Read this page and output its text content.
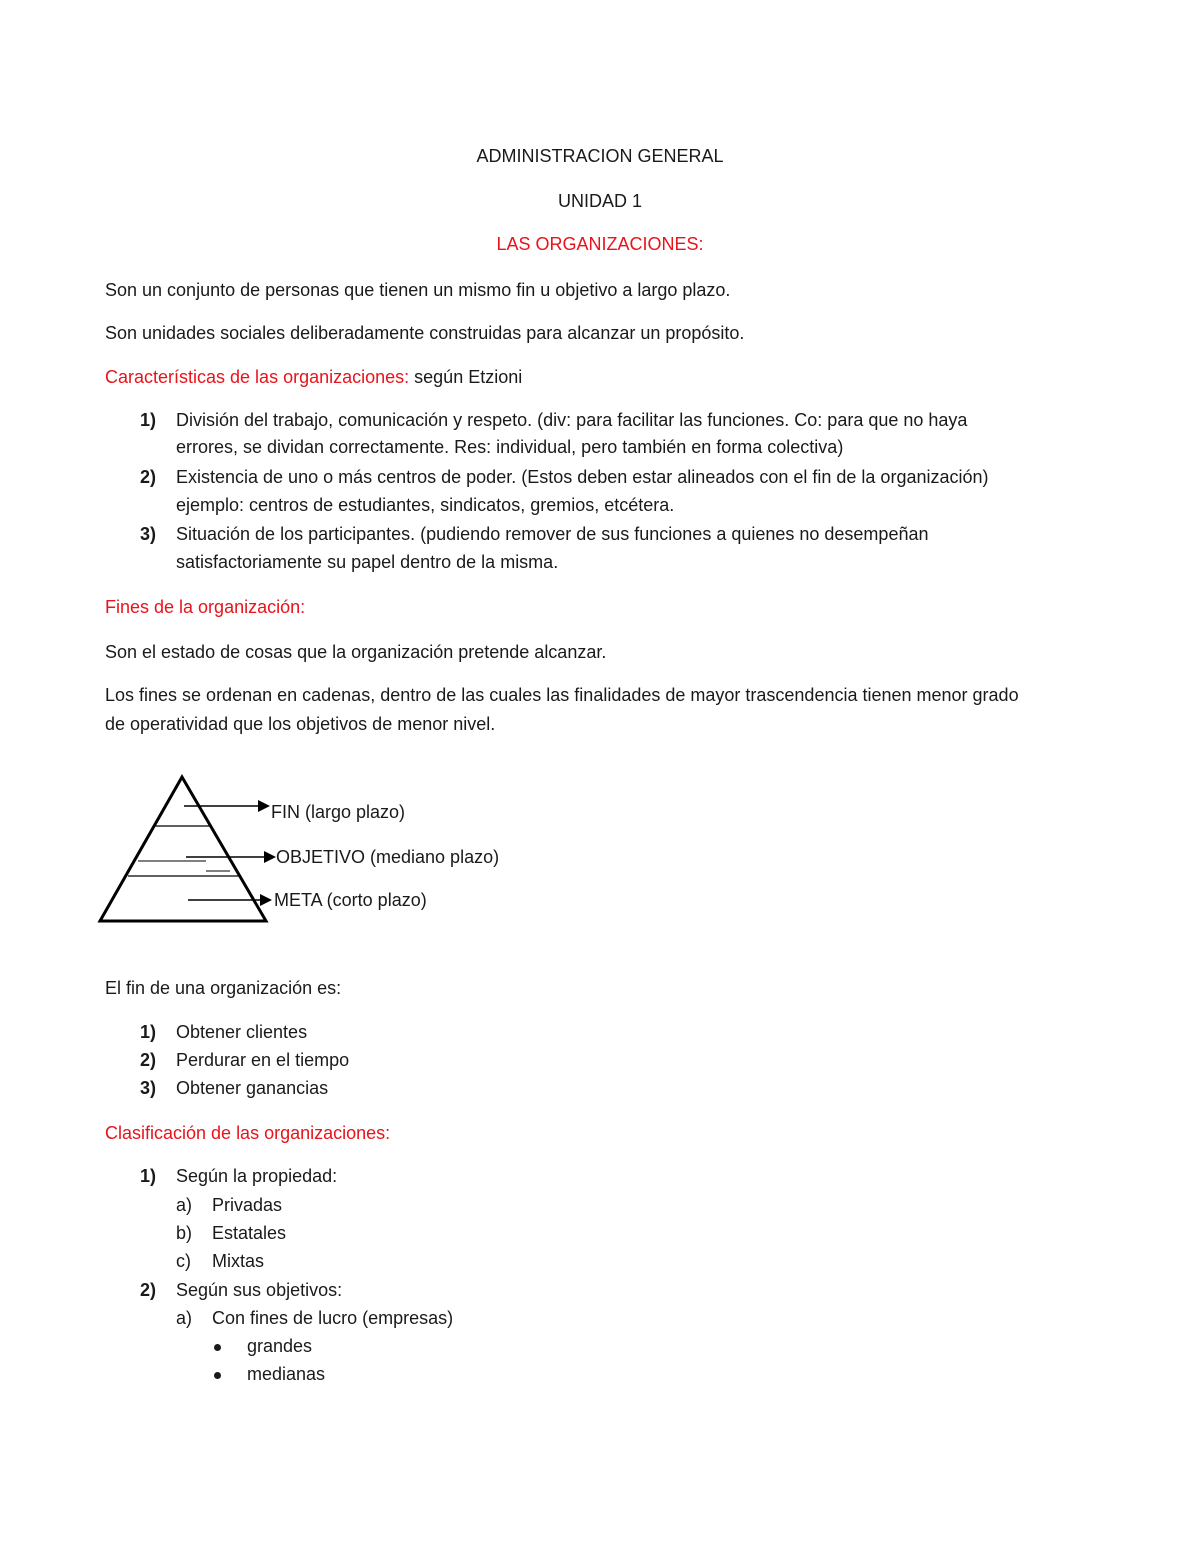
ADMINISTRACION GENERAL
UNIDAD 1
LAS ORGANIZACIONES:
Son un conjunto de personas que tienen un mismo fin u objetivo a largo plazo.
Son unidades sociales deliberadamente construidas para alcanzar un propósito.
Características de las organizaciones: según Etzioni
1) División del trabajo, comunicación y respeto. (div: para facilitar las funciones. Co: para que no haya
errores, se dividan correctamente. Res: individual, pero también en forma colectiva)
2) Existencia de uno o más centros de poder. (Estos deben estar alineados con el fin de la organización)
ejemplo: centros de estudiantes, sindicatos, gremios, etcétera.
3) Situación de los participantes. (pudiendo remover de sus funciones a quienes no desempeñan
satisfactoriamente su papel dentro de la misma.
Fines de la organización:
Son el estado de cosas que la organización pretende alcanzar.
Los fines se ordenan en cadenas, dentro de las cuales las finalidades de mayor trascendencia tienen menor grado
de operatividad que los objetivos de menor nivel.
FIN (largo plazo)
OBJETIVO (mediano plazo)
META (corto plazo)
El fin de una organización es:
1) Obtener clientes
2) Perdurar en el tiempo
3) Obtener ganancias
Clasificación de las organizaciones:
1) Según la propiedad:
a) Privadas
b) Estatales
c) Mixtas
2) Según sus objetivos:
a) Con fines de lucro (empresas)
grandes
medianas
